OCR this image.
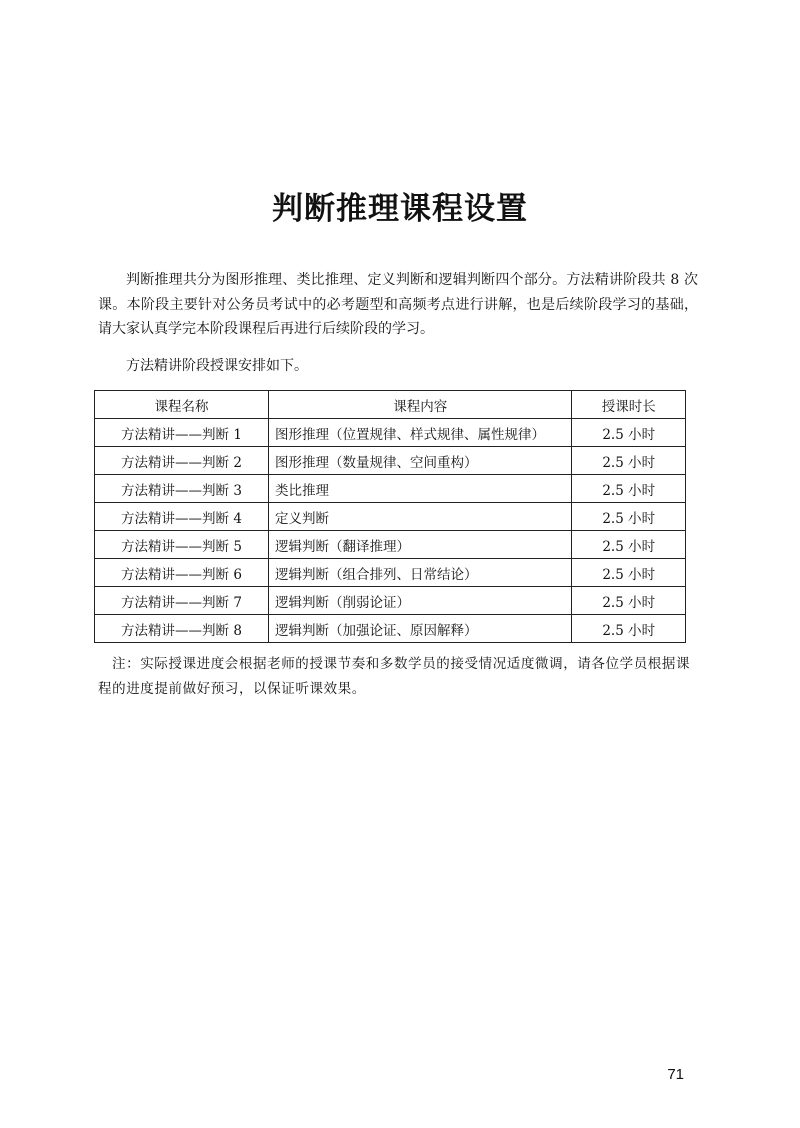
判断推理课程设置

判断推理共分为图形推理、类比推理、定义判断和逻辑判断四个部分。方法精讲阶段共 8 次课。本阶段主要针对公务员考试中的必考题型和高频考点进行讲解，也是后续阶段学习的基础，请大家认真学完本阶段课程后再进行后续阶段的学习。

方法精讲阶段授课安排如下。

课程名称	课程内容	授课时长
方法精讲——判断 1	图形推理（位置规律、样式规律、属性规律）	2.5 小时
方法精讲——判断 2	图形推理（数量规律、空间重构）	2.5 小时
方法精讲——判断 3	类比推理	2.5 小时
方法精讲——判断 4	定义判断	2.5 小时
方法精讲——判断 5	逻辑判断（翻译推理）	2.5 小时
方法精讲——判断 6	逻辑判断（组合排列、日常结论）	2.5 小时
方法精讲——判断 7	逻辑判断（削弱论证）	2.5 小时
方法精讲——判断 8	逻辑判断（加强论证、原因解释）	2.5 小时

注：实际授课进度会根据老师的授课节奏和多数学员的接受情况适度微调，请各位学员根据课程的进度提前做好预习，以保证听课效果。

71
